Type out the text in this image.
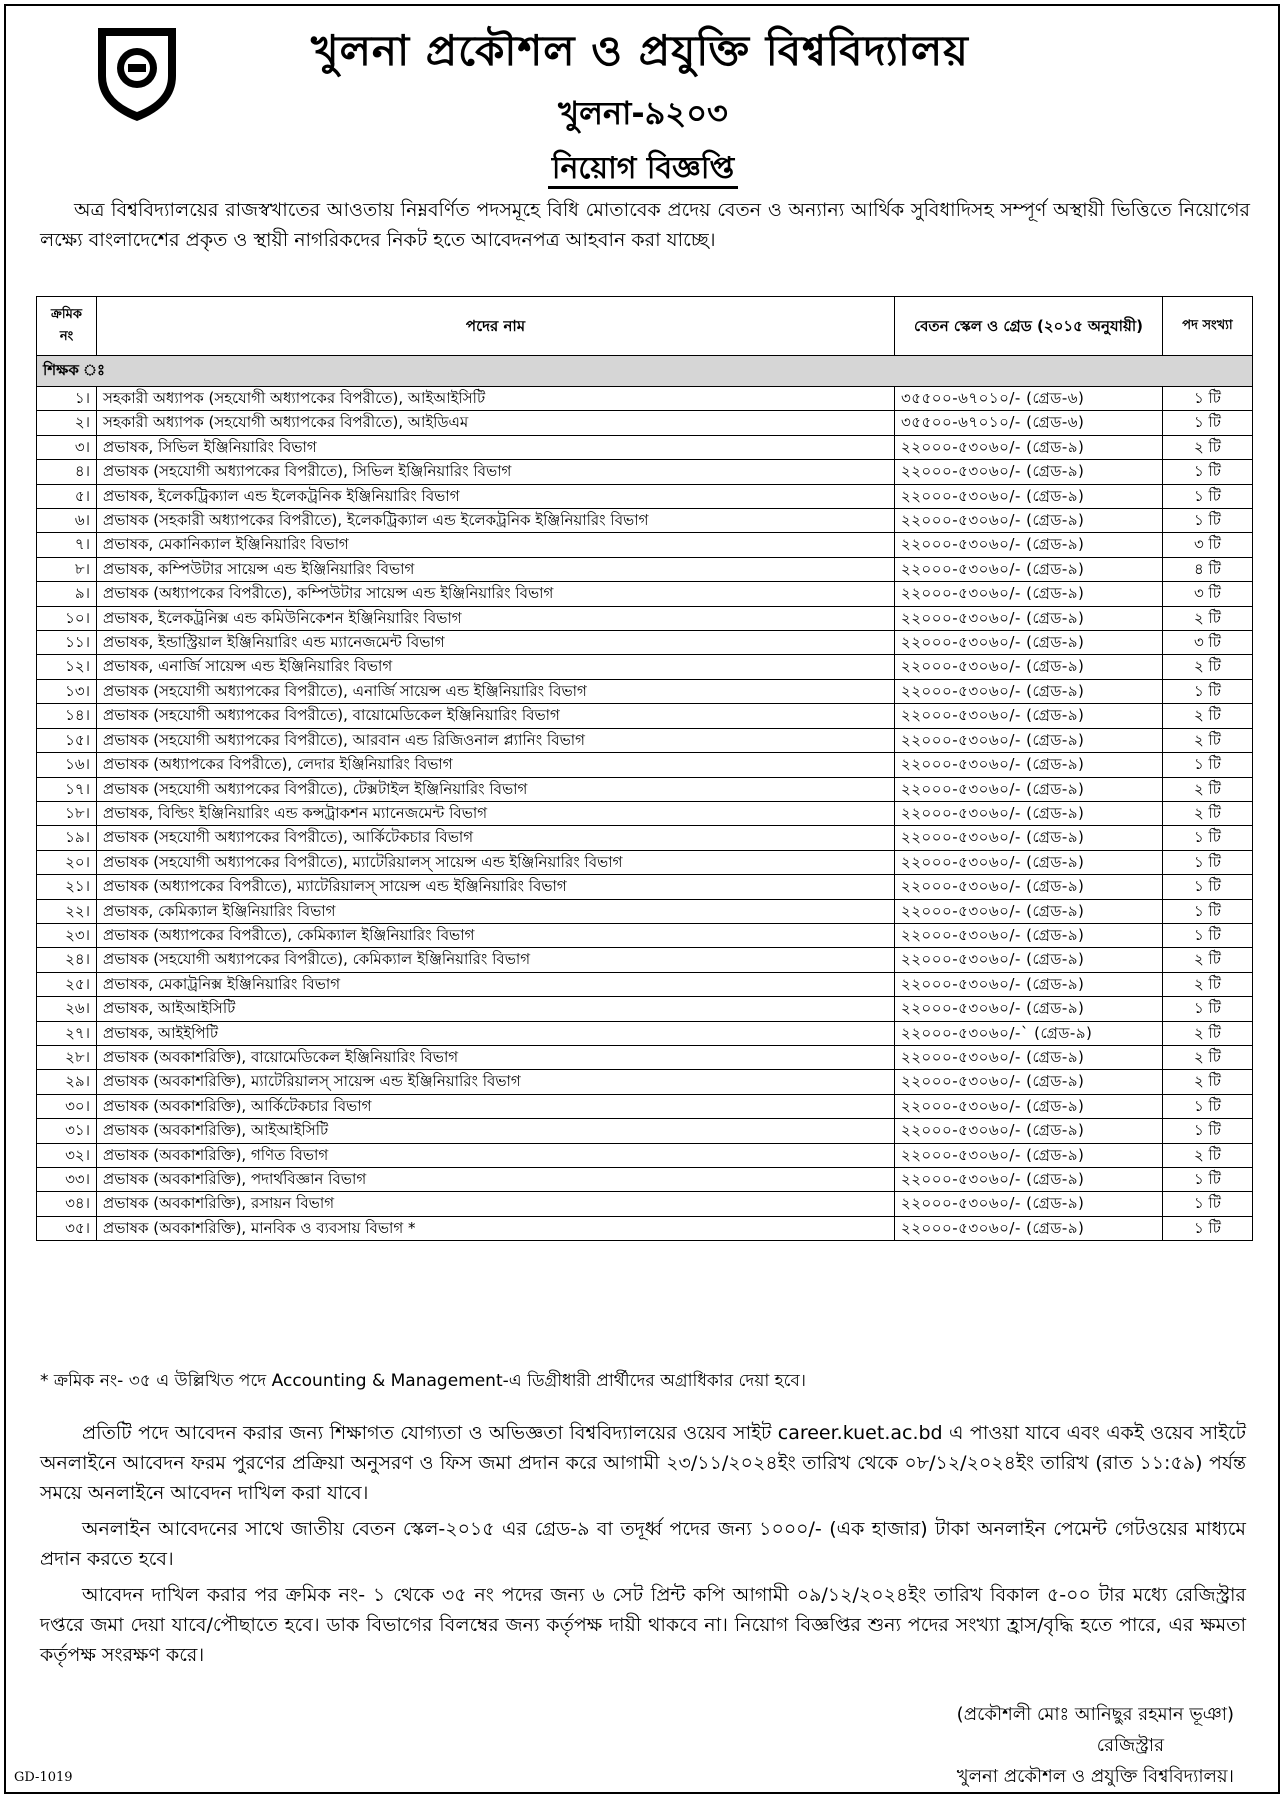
খুলনা প্রকৌশল ও প্রযুক্তি বিশ্ববিদ্যালয়
খুলনা-৯২০৩
নিয়োগ বিজ্ঞপ্তি
অত্র বিশ্ববিদ্যালয়ের রাজস্বখাতের আওতায় নিম্নবর্ণিত পদসমূহে বিধি মোতাবেক প্রদেয় বেতন ও অন্যান্য আর্থিক সুবিধাদিসহ সম্পূর্ণ অস্থায়ী ভিত্তিতে নিয়োগের লক্ষ্যে বাংলাদেশের প্রকৃত ও স্থায়ী নাগরিকদের নিকট হতে আবেদনপত্র আহবান করা যাচ্ছে।
ক্রমিক নং	পদের নাম	বেতন স্কেল ও গ্রেড (২০১৫ অনুযায়ী)	পদ সংখ্যা
শিক্ষক ঃ			
১।	সহকারী অধ্যাপক (সহযোগী অধ্যাপকের বিপরীতে), আইআইসিটি	৩৫৫০০-৬৭০১০/- (গ্রেড-৬)	১ টি
২।	সহকারী অধ্যাপক (সহযোগী অধ্যাপকের বিপরীতে), আইডিএম	৩৫৫০০-৬৭০১০/- (গ্রেড-৬)	১ টি
৩।	প্রভাষক, সিভিল ইঞ্জিনিয়ারিং বিভাগ	২২০০০-৫৩০৬০/- (গ্রেড-৯)	২ টি
৪।	প্রভাষক (সহযোগী অধ্যাপকের বিপরীতে), সিভিল ইঞ্জিনিয়ারিং বিভাগ	২২০০০-৫৩০৬০/- (গ্রেড-৯)	১ টি
৫।	প্রভাষক, ইলেকট্রিক্যাল এন্ড ইলেকট্রনিক ইঞ্জিনিয়ারিং বিভাগ	২২০০০-৫৩০৬০/- (গ্রেড-৯)	১ টি
৬।	প্রভাষক (সহকারী অধ্যাপকের বিপরীতে), ইলেকট্রিক্যাল এন্ড ইলেকট্রনিক ইঞ্জিনিয়ারিং বিভাগ	২২০০০-৫৩০৬০/- (গ্রেড-৯)	১ টি
৭।	প্রভাষক, মেকানিক্যাল ইঞ্জিনিয়ারিং বিভাগ	২২০০০-৫৩০৬০/- (গ্রেড-৯)	৩ টি
৮।	প্রভাষক, কম্পিউটার সায়েন্স এন্ড ইঞ্জিনিয়ারিং বিভাগ	২২০০০-৫৩০৬০/- (গ্রেড-৯)	৪ টি
৯।	প্রভাষক (অধ্যাপকের বিপরীতে), কম্পিউটার সায়েন্স এন্ড ইঞ্জিনিয়ারিং বিভাগ	২২০০০-৫৩০৬০/- (গ্রেড-৯)	৩ টি
১০।	প্রভাষক, ইলেকট্রনিক্স এন্ড কমিউনিকেশন ইঞ্জিনিয়ারিং বিভাগ	২২০০০-৫৩০৬০/- (গ্রেড-৯)	২ টি
১১।	প্রভাষক, ইন্ডাস্ট্রিয়াল ইঞ্জিনিয়ারিং এন্ড ম্যানেজমেন্ট বিভাগ	২২০০০-৫৩০৬০/- (গ্রেড-৯)	৩ টি
১২।	প্রভাষক, এনার্জি সায়েন্স এন্ড ইঞ্জিনিয়ারিং বিভাগ	২২০০০-৫৩০৬০/- (গ্রেড-৯)	২ টি
১৩।	প্রভাষক (সহযোগী অধ্যাপকের বিপরীতে), এনার্জি সায়েন্স এন্ড ইঞ্জিনিয়ারিং বিভাগ	২২০০০-৫৩০৬০/- (গ্রেড-৯)	১ টি
১৪।	প্রভাষক (সহযোগী অধ্যাপকের বিপরীতে), বায়োমেডিকেল ইঞ্জিনিয়ারিং বিভাগ	২২০০০-৫৩০৬০/- (গ্রেড-৯)	২ টি
১৫।	প্রভাষক (সহযোগী অধ্যাপকের বিপরীতে), আরবান এন্ড রিজিওনাল প্ল্যানিং বিভাগ	২২০০০-৫৩০৬০/- (গ্রেড-৯)	২ টি
১৬।	প্রভাষক (অধ্যাপকের বিপরীতে), লেদার ইঞ্জিনিয়ারিং বিভাগ	২২০০০-৫৩০৬০/- (গ্রেড-৯)	১ টি
১৭।	প্রভাষক (সহযোগী অধ্যাপকের বিপরীতে), টেক্সটাইল ইঞ্জিনিয়ারিং বিভাগ	২২০০০-৫৩০৬০/- (গ্রেড-৯)	২ টি
১৮।	প্রভাষক, বিল্ডিং ইঞ্জিনিয়ারিং এন্ড কন্সট্রাকশন ম্যানেজমেন্ট বিভাগ	২২০০০-৫৩০৬০/- (গ্রেড-৯)	২ টি
১৯।	প্রভাষক (সহযোগী অধ্যাপকের বিপরীতে), আর্কিটেকচার বিভাগ	২২০০০-৫৩০৬০/- (গ্রেড-৯)	১ টি
২০।	প্রভাষক (সহযোগী অধ্যাপকের বিপরীতে), ম্যাটেরিয়ালস্ সায়েন্স এন্ড ইঞ্জিনিয়ারিং বিভাগ	২২০০০-৫৩০৬০/- (গ্রেড-৯)	১ টি
২১।	প্রভাষক (অধ্যাপকের বিপরীতে), ম্যাটেরিয়ালস্ সায়েন্স এন্ড ইঞ্জিনিয়ারিং বিভাগ	২২০০০-৫৩০৬০/- (গ্রেড-৯)	১ টি
২২।	প্রভাষক, কেমিক্যাল ইঞ্জিনিয়ারিং বিভাগ	২২০০০-৫৩০৬০/- (গ্রেড-৯)	১ টি
২৩।	প্রভাষক (অধ্যাপকের বিপরীতে), কেমিক্যাল ইঞ্জিনিয়ারিং বিভাগ	২২০০০-৫৩০৬০/- (গ্রেড-৯)	১ টি
২৪।	প্রভাষক (সহযোগী অধ্যাপকের বিপরীতে), কেমিক্যাল ইঞ্জিনিয়ারিং বিভাগ	২২০০০-৫৩০৬০/- (গ্রেড-৯)	২ টি
২৫।	প্রভাষক, মেকাট্রনিক্স ইঞ্জিনিয়ারিং বিভাগ	২২০০০-৫৩০৬০/- (গ্রেড-৯)	২ টি
২৬।	প্রভাষক, আইআইসিটি	২২০০০-৫৩০৬০/- (গ্রেড-৯)	১ টি
২৭।	প্রভাষক, আইইপিটি	২২০০০-৫৩০৬০/-` (গ্রেড-৯)	২ টি
২৮।	প্রভাষক (অবকাশরিক্তি), বায়োমেডিকেল ইঞ্জিনিয়ারিং বিভাগ	২২০০০-৫৩০৬০/- (গ্রেড-৯)	২ টি
২৯।	প্রভাষক (অবকাশরিক্তি), ম্যাটেরিয়ালস্ সায়েন্স এন্ড ইঞ্জিনিয়ারিং বিভাগ	২২০০০-৫৩০৬০/- (গ্রেড-৯)	২ টি
৩০।	প্রভাষক (অবকাশরিক্তি), আর্কিটেকচার বিভাগ	২২০০০-৫৩০৬০/- (গ্রেড-৯)	১ টি
৩১।	প্রভাষক (অবকাশরিক্তি), আইআইসিটি	২২০০০-৫৩০৬০/- (গ্রেড-৯)	১ টি
৩২।	প্রভাষক (অবকাশরিক্তি), গণিত বিভাগ	২২০০০-৫৩০৬০/- (গ্রেড-৯)	২ টি
৩৩।	প্রভাষক (অবকাশরিক্তি), পদার্থবিজ্ঞান বিভাগ	২২০০০-৫৩০৬০/- (গ্রেড-৯)	১ টি
৩৪।	প্রভাষক (অবকাশরিক্তি), রসায়ন বিভাগ	২২০০০-৫৩০৬০/- (গ্রেড-৯)	১ টি
৩৫।	প্রভাষক (অবকাশরিক্তি), মানবিক ও ব্যবসায় বিভাগ *	২২০০০-৫৩০৬০/- (গ্রেড-৯)	১ টি
* ক্রমিক নং- ৩৫ এ উল্লিখিত পদে Accounting & Management-এ ডিগ্রীধারী প্রার্থীদের অগ্রাধিকার দেয়া হবে।
প্রতিটি পদে আবেদন করার জন্য শিক্ষাগত যোগ্যতা ও অভিজ্ঞতা বিশ্ববিদ্যালয়ের ওয়েব সাইট career.kuet.ac.bd এ পাওয়া যাবে এবং একই ওয়েব সাইটে অনলাইনে আবেদন ফরম পুরণের প্রক্রিয়া অনুসরণ ও ফিস জমা প্রদান করে আগামী ২৩/১১/২০২৪ইং তারিখ থেকে ০৮/১২/২০২৪ইং তারিখ (রাত ১১:৫৯) পর্যন্ত সময়ে অনলাইনে আবেদন দাখিল করা যাবে।
অনলাইন আবেদনের সাথে জাতীয় বেতন স্কেল-২০১৫ এর গ্রেড-৯ বা তদূর্ধ্ব পদের জন্য ১০০০/- (এক হাজার) টাকা অনলাইন পেমেন্ট গেটওয়ের মাধ্যমে প্রদান করতে হবে।
আবেদন দাখিল করার পর ক্রমিক নং- ১ থেকে ৩৫ নং পদের জন্য ৬ সেট প্রিন্ট কপি আগামী ০৯/১২/২০২৪ইং তারিখ বিকাল ৫-০০ টার মধ্যে রেজিস্ট্রার দপ্তরে জমা দেয়া যাবে/পৌছাতে হবে। ডাক বিভাগের বিলম্বের জন্য কর্তৃপক্ষ দায়ী থাকবে না। নিয়োগ বিজ্ঞপ্তির শুন্য পদের সংখ্যা হ্রাস/বৃদ্ধি হতে পারে, এর ক্ষমতা কর্তৃপক্ষ সংরক্ষণ করে।
(প্রকৌশলী মোঃ আনিছুর রহমান ভূঞা)
রেজিস্ট্রার
খুলনা প্রকৌশল ও প্রযুক্তি বিশ্ববিদ্যালয়।
GD-1019
